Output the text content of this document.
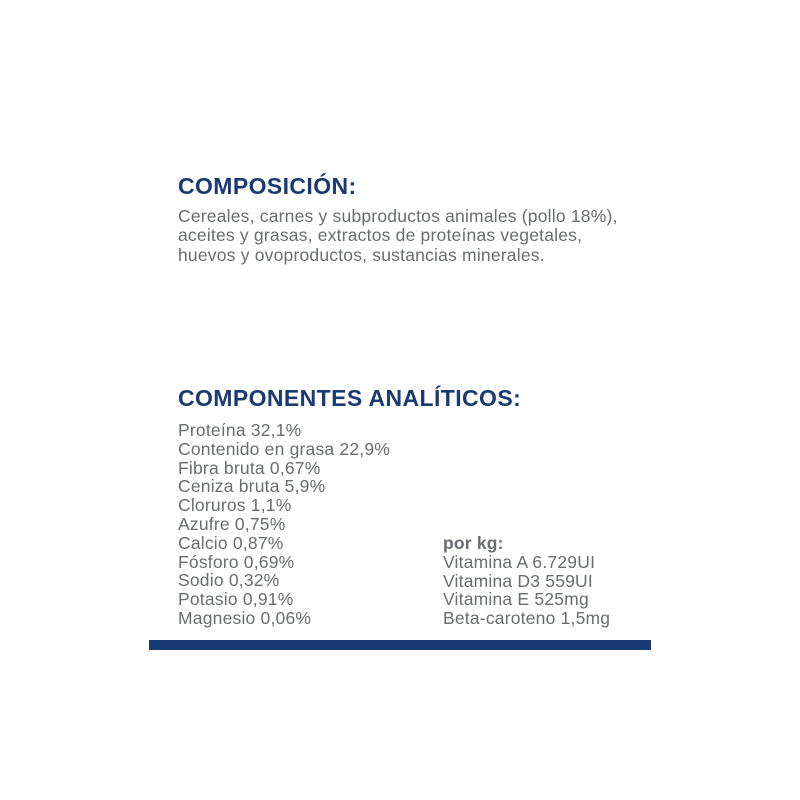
COMPOSICIÓN:

Cereales, carnes y subproductos animales (pollo 18%), aceites y grasas, extractos de proteínas vegetales, huevos y ovoproductos, sustancias minerales.

COMPONENTES ANALÍTICOS:
Proteína 32,1%
Contenido en grasa 22,9%
Fibra bruta 0,67%
Ceniza bruta 5,9%
Cloruros 1,1%
Azufre 0,75%
Calcio 0,87%
Fósforo 0,69%
Sodio 0,32%
Potasio 0,91%
Magnesio 0,06%
por kg:
Vitamina A 6.729UI
Vitamina D3 559UI
Vitamina E 525mg
Beta-caroteno 1,5mg
